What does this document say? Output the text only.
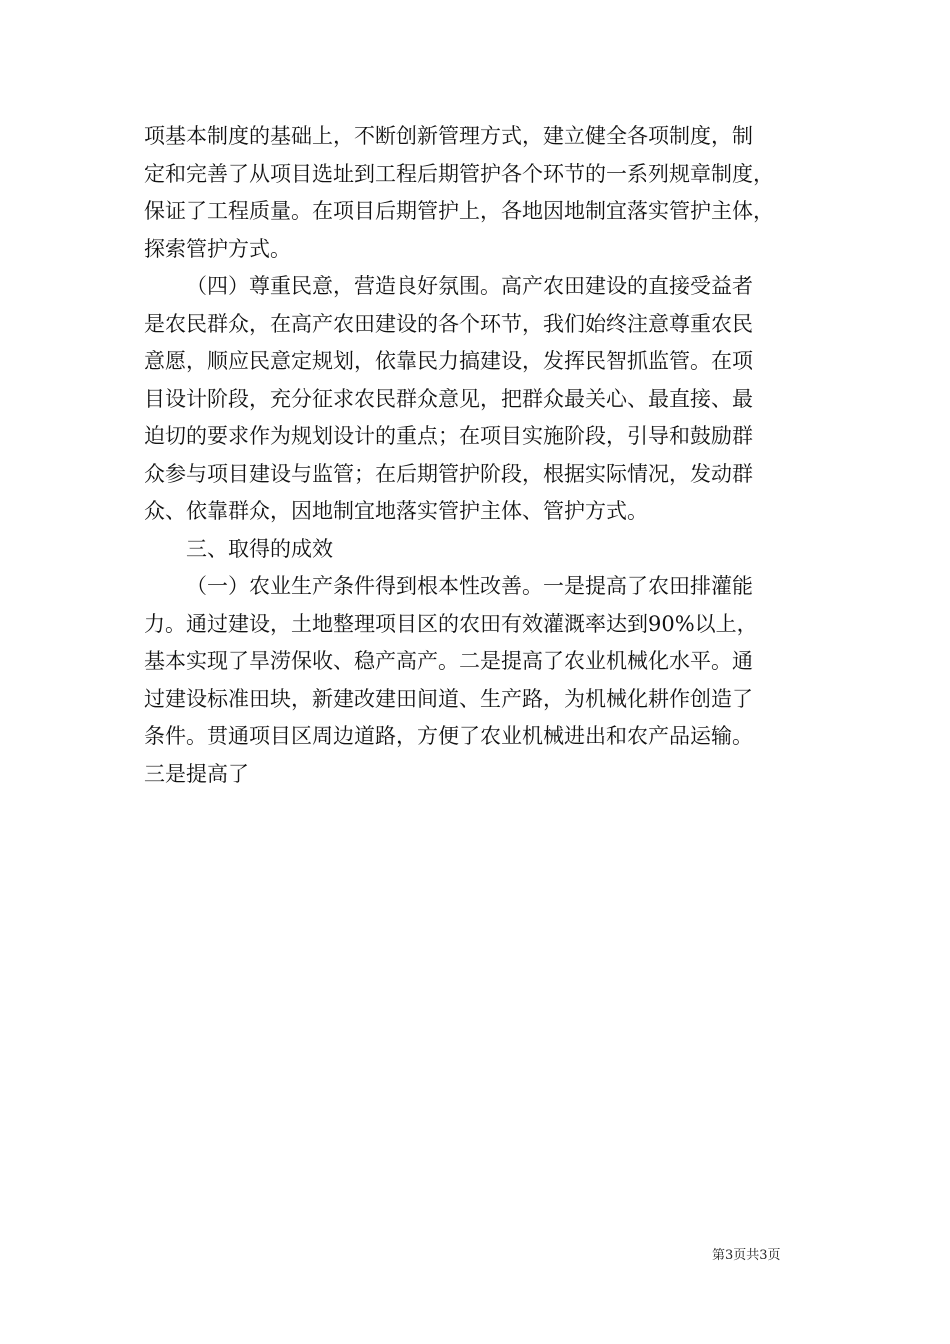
项基本制度的基础上，不断创新管理方式，建立健全各项制度，制
定和完善了从项目选址到工程后期管护各个环节的一系列规章制度，
保证了工程质量。在项目后期管护上，各地因地制宜落实管护主体，
探索管护方式。
（四）尊重民意，营造良好氛围。高产农田建设的直接受益者
是农民群众，在高产农田建设的各个环节，我们始终注意尊重农民
意愿，顺应民意定规划，依靠民力搞建设，发挥民智抓监管。在项
目设计阶段，充分征求农民群众意见，把群众最关心、最直接、最
迫切的要求作为规划设计的重点；在项目实施阶段，引导和鼓励群
众参与项目建设与监管；在后期管护阶段，根据实际情况，发动群
众、依靠群众，因地制宜地落实管护主体、管护方式。
三、取得的成效
（一）农业生产条件得到根本性改善。一是提高了农田排灌能
力。通过建设，土地整理项目区的农田有效灌溉率达到90%以上，
基本实现了旱涝保收、稳产高产。二是提高了农业机械化水平。通
过建设标准田块，新建改建田间道、生产路，为机械化耕作创造了
条件。贯通项目区周边道路，方便了农业机械进出和农产品运输。
三是提高了
第3页共3页
